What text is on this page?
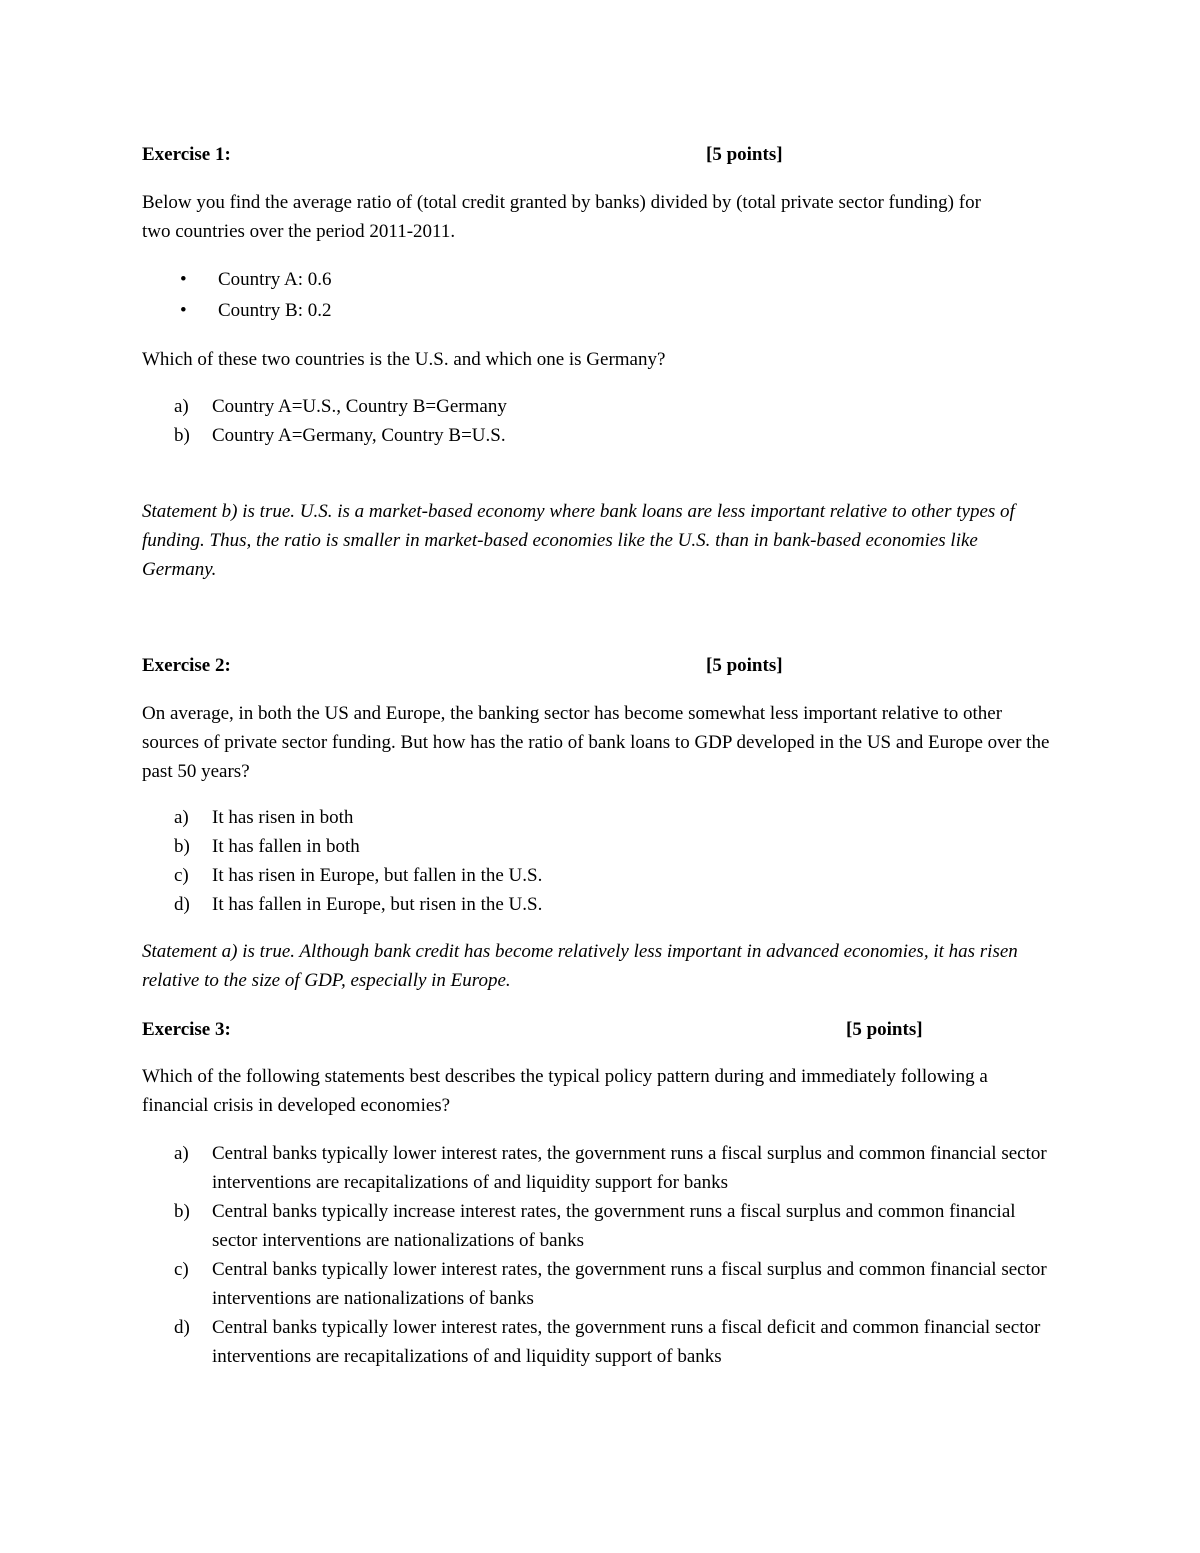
Exercise 1:	[5 points]

Below you find the average ratio of (total credit granted by banks) divided by (total private sector funding) for two countries over the period 2011-2011.

• Country A: 0.6
• Country B: 0.2

Which of these two countries is the U.S. and which one is Germany?

a) Country A=U.S., Country B=Germany
b) Country A=Germany, Country B=U.S.

Statement b) is true. U.S. is a market-based economy where bank loans are less important relative to other types of funding. Thus, the ratio is smaller in market-based economies like the U.S. than in bank-based economies like Germany.

Exercise 2:	[5 points]

On average, in both the US and Europe, the banking sector has become somewhat less important relative to other sources of private sector funding. But how has the ratio of bank loans to GDP developed in the US and Europe over the past 50 years?

a) It has risen in both
b) It has fallen in both
c) It has risen in Europe, but fallen in the U.S.
d) It has fallen in Europe, but risen in the U.S.

Statement a) is true. Although bank credit has become relatively less important in advanced economies, it has risen relative to the size of GDP, especially in Europe.

Exercise 3:	[5 points]

Which of the following statements best describes the typical policy pattern during and immediately following a financial crisis in developed economies?

a) Central banks typically lower interest rates, the government runs a fiscal surplus and common financial sector interventions are recapitalizations of and liquidity support for banks
b) Central banks typically increase interest rates, the government runs a fiscal surplus and common financial sector interventions are nationalizations of banks
c) Central banks typically lower interest rates, the government runs a fiscal surplus and common financial sector interventions are nationalizations of banks
d) Central banks typically lower interest rates, the government runs a fiscal deficit and common financial sector interventions are recapitalizations of and liquidity support of banks
